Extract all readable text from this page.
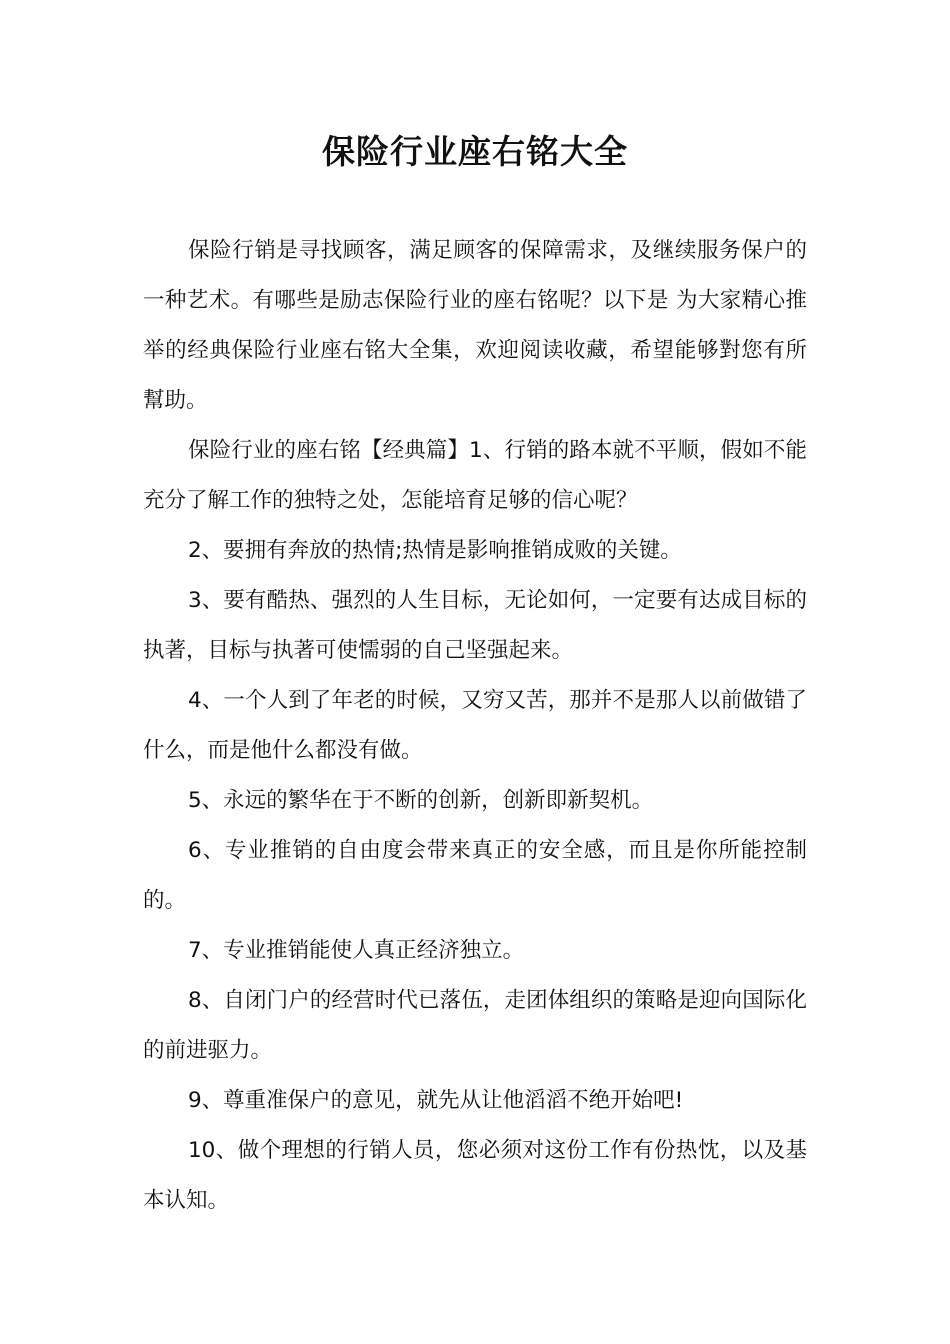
保险行业座右铭大全

保险行销是寻找顾客，满足顾客的保障需求，及继续服务保户的一种艺术。有哪些是励志保险行业的座右铭呢？以下是 为大家精心推举的经典保险行业座右铭大全集，欢迎阅读收藏，希望能够對您有所幫助。

保险行业的座右铭【经典篇】1、行销的路本就不平顺，假如不能充分了解工作的独特之处，怎能培育足够的信心呢？

2、要拥有奔放的热情;热情是影响推销成败的关键。

3、要有酷热、强烈的人生目标，无论如何，一定要有达成目标的执著，目标与执著可使懦弱的自己坚强起来。

4、一个人到了年老的时候，又穷又苦，那并不是那人以前做错了什么，而是他什么都没有做。

5、永远的繁华在于不断的创新，创新即新契机。

6、专业推销的自由度会带来真正的安全感，而且是你所能控制的。

7、专业推销能使人真正经济独立。

8、自闭门户的经营时代已落伍，走团体组织的策略是迎向国际化的前进驱力。

9、尊重准保户的意见，就先从让他滔滔不绝开始吧!

10、做个理想的行销人员，您必须对这份工作有份热忱，以及基本认知。
